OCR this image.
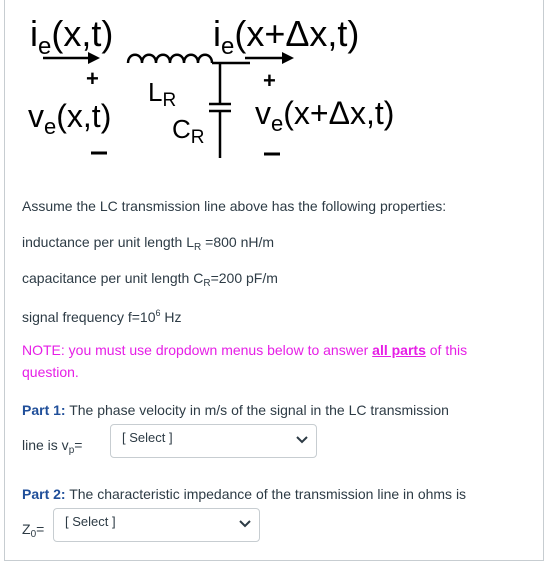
$i_e(x,t)$	$i_e(x+\Delta x,t)$
LR
CR
+	+
$v_e(x,t)$	$v_e(x+\Delta x,t)$
Assume the LC transmission line above has the following properties:
inductance per unit length $L_R =800$ nH/m
capacitance per unit length $C_R=200$ pF/m
signal frequency $f=10^6$ Hz
NOTE: you must use dropdown menus below to answer all parts of this question.
Part 1: The phase velocity in m/s of the signal in the LC transmission
line is $v_p=$	[ Select ]
Part 2: The characteristic impedance of the transmission line in ohms is
$Z_0=$	[ Select ]
